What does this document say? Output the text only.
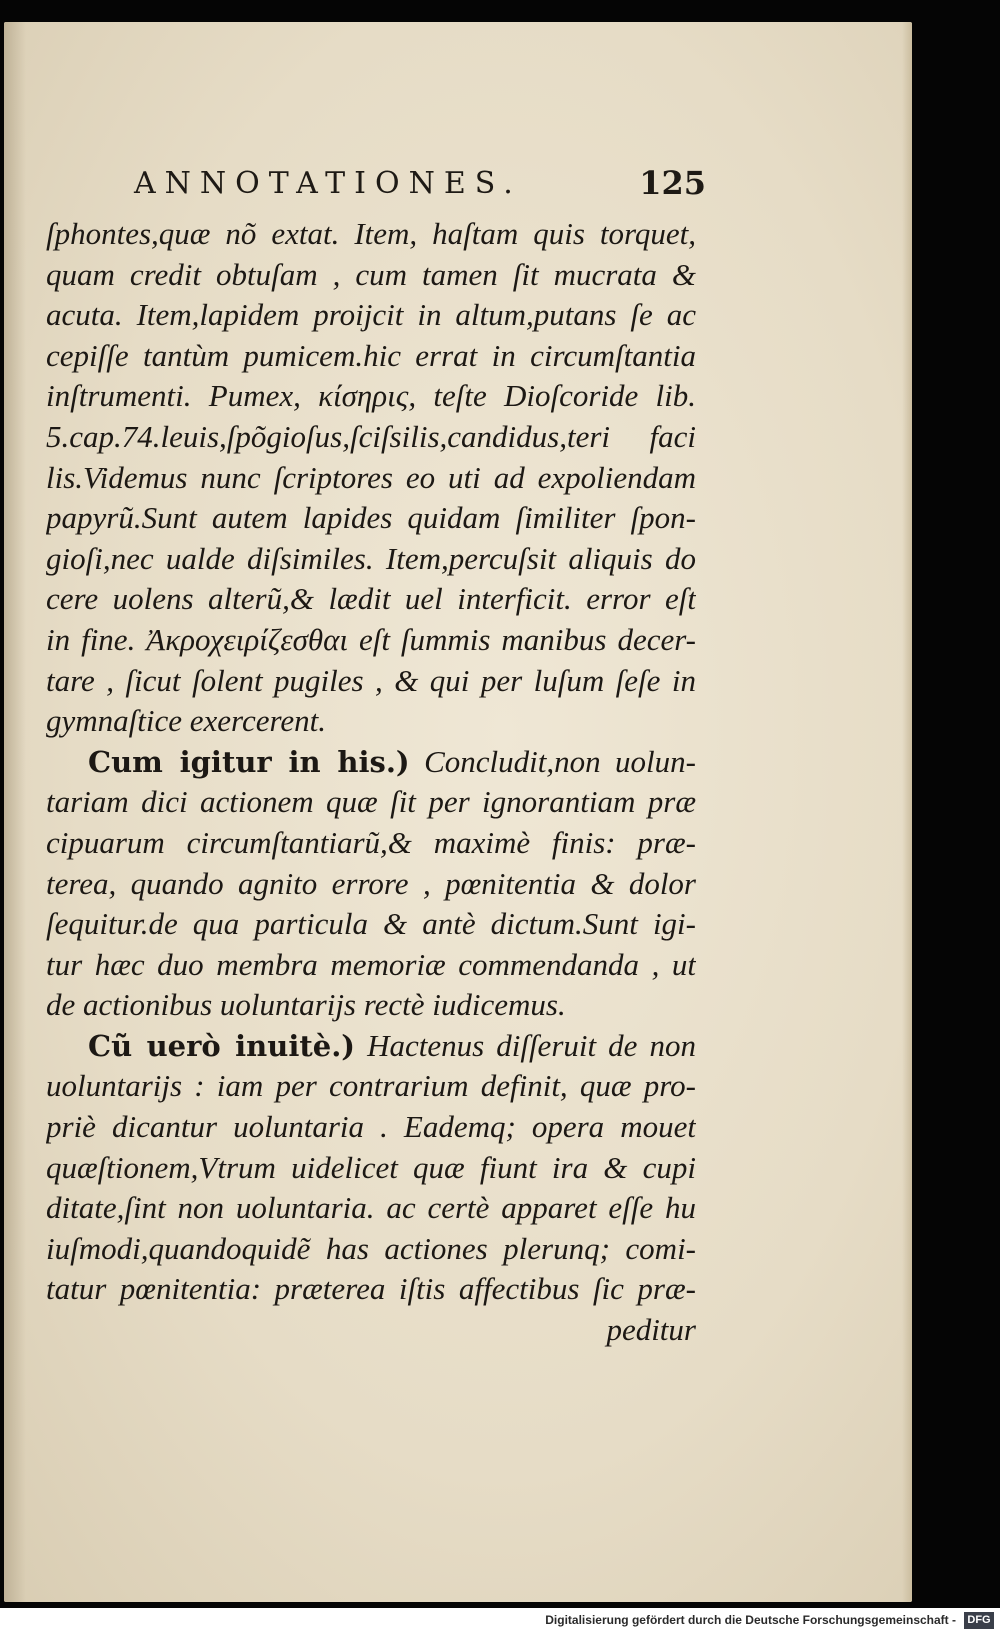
ANNOTATIONES.	125
ſphontes,quæ nõ extat. Item, haſtam quis torquet,
quam credit obtuſam , cum tamen ſit mucrata &
acuta. Item,lapidem proijcit in altum,putans ſe ac
cepiſſe tantùm pumicem.hic errat in circumſtantia
inſtrumenti. Pumex, κίσηρις, teſte Dioſcoride lib.
5.cap.74.leuis,ſpõgioſus,ſciſsilis,candidus,teri faci
lis.Videmus nunc ſcriptores eo uti ad expoliendam
papyrũ.Sunt autem lapides quidam ſimiliter ſpon-
gioſi,nec ualde diſsimiles. Item,percuſsit aliquis do
cere uolens alterũ,& lædit uel interficit. error eſt
in fine. Ἀκροχειρίζεσθαι eſt ſummis manibus decer-
tare , ſicut ſolent pugiles , & qui per luſum ſeſe in
gymnaſtice exercerent.
Cum igitur in his.) Concludit,non uolun-
tariam dici actionem quæ ſit per ignorantiam præ
cipuarum circumſtantiarũ,& maximè finis: præ-
terea, quando agnito errore , pœnitentia & dolor
ſequitur.de qua particula & antè dictum.Sunt igi-
tur hæc duo membra memoriæ commendanda , ut
de actionibus uoluntarijs rectè iudicemus.
Cũ uerò inuitè.) Hactenus diſſeruit de non
uoluntarijs : iam per contrarium definit, quæ pro-
priè dicantur uoluntaria . Eademq; opera mouet
quæſtionem,Vtrum uidelicet quæ fiunt ira & cupi
ditate,ſint non uoluntaria. ac certè apparet eſſe hu
iuſmodi,quandoquidẽ has actiones plerunq; comi-
tatur pœnitentia: præterea iſtis affectibus ſic præ-
peditur
Digitalisierung gefördert durch die Deutsche Forschungsgemeinschaft -	DFG
